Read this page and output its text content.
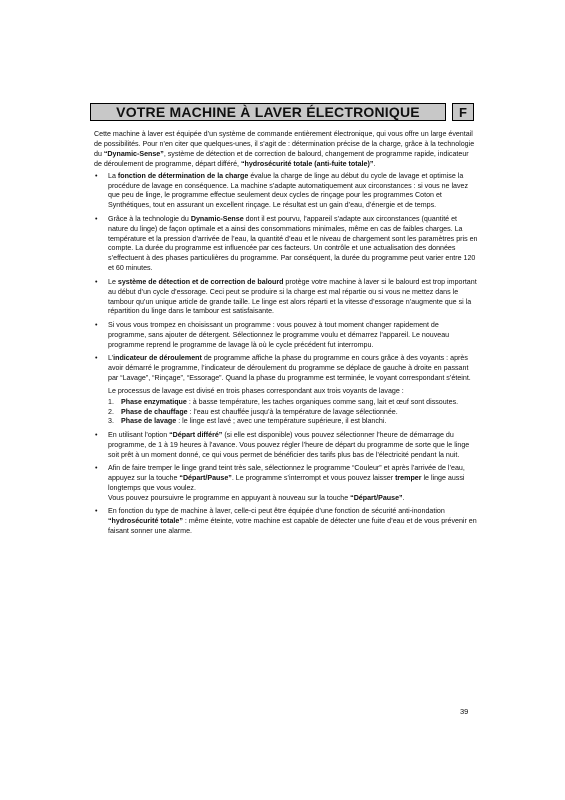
VOTRE MACHINE À LAVER ÉLECTRONIQUE	F

Cette machine à laver est équipée d’un système de commande entièrement électronique, qui vous offre un large éventail de possibilités. Pour n’en citer que quelques-unes, il s’agit de : détermination précise de la charge, grâce à la technologie du “Dynamic-Sense”, système de détection et de correction de balourd, changement de programme rapide, indicateur de déroulement de programme, départ différé, “hydrosécurité totale (anti-fuite totale)”.

• La fonction de détermination de la charge évalue la charge de linge au début du cycle de lavage et optimise la procédure de lavage en conséquence. La machine s’adapte automatiquement aux circonstances : si vous ne lavez que peu de linge, le programme effectue seulement deux cycles de rinçage pour les programmes Coton et Synthétiques, tout en assurant un excellent rinçage. Le résultat est un gain d’eau, d’énergie et de temps.
• Grâce à la technologie du Dynamic-Sense dont il est pourvu, l’appareil s’adapte aux circonstances (quantité et nature du linge) de façon optimale et a ainsi des consommations minimales, même en cas de faibles charges. La température et la pression d’arrivée de l’eau, la quantité d’eau et le niveau de chargement sont les paramètres pris en compte. La durée du programme est influencée par ces facteurs. Un contrôle et une actualisation des données s’effectuent à des phases particulières du programme. Par conséquent, la durée du programme peut varier entre 120 et 60 minutes.
• Le système de détection et de correction de balourd protège votre machine à laver si le balourd est trop important au début d’un cycle d’essorage. Ceci peut se produire si la charge est mal répartie ou si vous ne mettez dans le tambour qu’un unique article de grande taille. Le linge est alors réparti et la vitesse d’essorage n’augmente que si la répartition du linge dans le tambour est satisfaisante.
• Si vous vous trompez en choisissant un programme : vous pouvez à tout moment changer rapidement de programme, sans ajouter de détergent. Sélectionnez le programme voulu et démarrez l’appareil. Le nouveau programme reprend le programme de lavage là où le cycle précédent fut interrompu.
• L’indicateur de déroulement de programme affiche la phase du programme en cours grâce à des voyants : après avoir démarré le programme, l’indicateur de déroulement du programme se déplace de gauche à droite en passant par “Lavage”, “Rinçage”, “Essorage”. Quand la phase du programme est terminée, le voyant correspondant s’éteint.
Le processus de lavage est divisé en trois phases correspondant aux trois voyants de lavage :
1. Phase enzymatique : à basse température, les taches organiques comme sang, lait et œuf sont dissoutes.
2. Phase de chauffage : l’eau est chauffée jusqu’à la température de lavage sélectionnée.
3. Phase de lavage : le linge est lavé ; avec une température supérieure, il est blanchi.
• En utilisant l’option “Départ différé” (si elle est disponible) vous pouvez sélectionner l’heure de démarrage du programme, de 1 à 19 heures à l’avance. Vous pouvez régler l’heure de départ du programme de sorte que le linge soit prêt à un moment donné, ce qui vous permet de bénéficier des tarifs plus bas de l’électricité pendant la nuit.
• Afin de faire tremper le linge grand teint très sale, sélectionnez le programme “Couleur” et après l’arrivée de l’eau, appuyez sur la touche “Départ/Pause”. Le programme s’interrompt et vous pouvez laisser tremper le linge aussi longtemps que vous voulez.
Vous pouvez poursuivre le programme en appuyant à nouveau sur la touche “Départ/Pause”.
• En fonction du type de machine à laver, celle-ci peut être équipée d’une fonction de sécurité anti-inondation “hydrosécurité totale” : même éteinte, votre machine est capable de détecter une fuite d’eau et de vous prévenir en faisant sonner une alarme.
39
